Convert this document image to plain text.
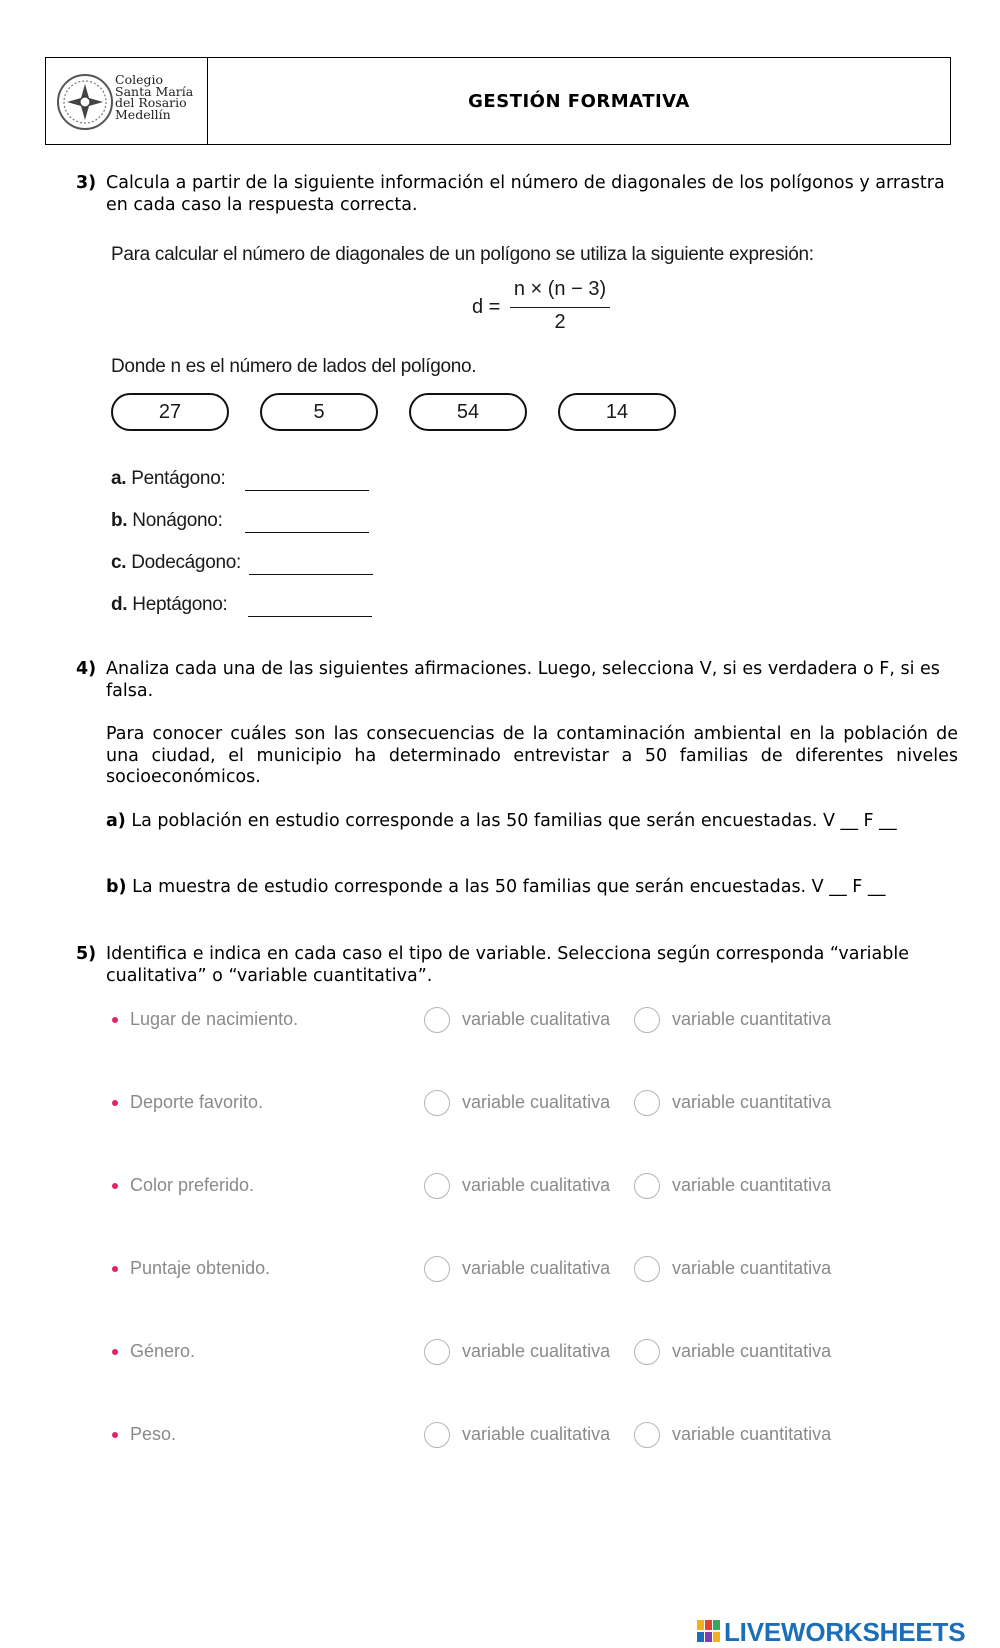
Colegio
Santa María
del Rosario
Medellín
GESTIÓN FORMATIVA
3) Calcula a partir de la siguiente información el número de diagonales de los polígonos y arrastra en cada caso la respuesta correcta.
Para calcular el número de diagonales de un polígono se utiliza la siguiente expresión:
d =
n × (n − 3)
2
Donde n es el número de lados del polígono.
27	5	54	14
a. Pentágono:
b. Nonágono:
c. Dodecágono:
d. Heptágono:
4) Analiza cada una de las siguientes afirmaciones. Luego, selecciona V, si es verdadera o F, si es falsa.
Para conocer cuáles son las consecuencias de la contaminación ambiental en la población de una ciudad, el municipio ha determinado entrevistar a 50 familias de diferentes niveles socioeconómicos.
a) La población en estudio corresponde a las 50 familias que serán encuestadas. V __ F __
b) La muestra de estudio corresponde a las 50 familias que serán encuestadas. V __ F __
5) Identifica e indica en cada caso el tipo de variable. Selecciona según corresponda “variable cualitativa” o “variable cuantitativa”.
Lugar de nacimiento.	variable cualitativa	variable cuantitativa
Deporte favorito.	variable cualitativa	variable cuantitativa
Color preferido.	variable cualitativa	variable cuantitativa
Puntaje obtenido.	variable cualitativa	variable cuantitativa
Género.	variable cualitativa	variable cuantitativa
Peso.	variable cualitativa	variable cuantitativa
LIVEWORKSHEETS
